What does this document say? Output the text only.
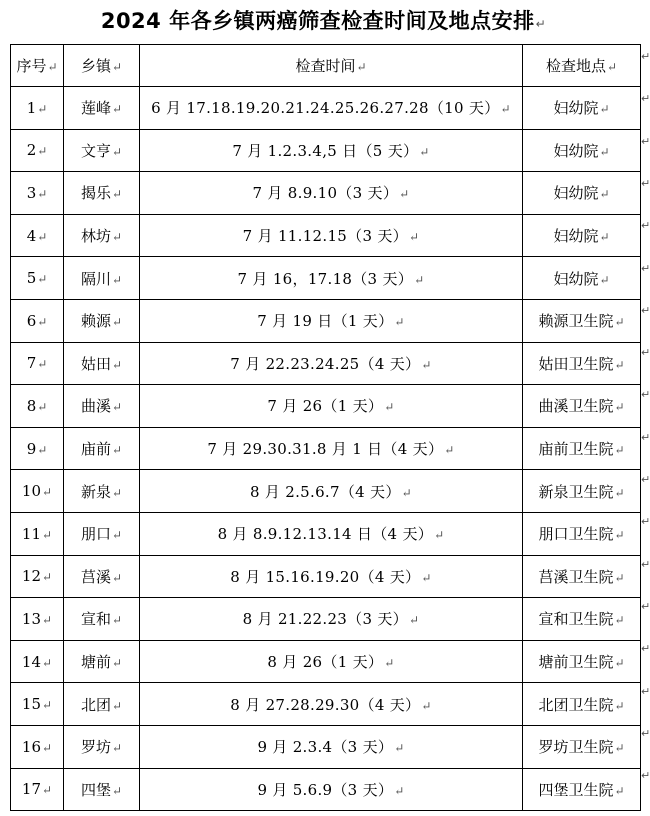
2024 年各乡镇两癌筛查检查时间及地点安排↵
序号↵	乡镇↵	检查时间↵	检查地点↵
1↵	莲峰↵	6 月 17.18.19.20.21.24.25.26.27.28（10 天）↵	妇幼院↵
2↵	文亨↵	7 月 1.2.3.4,5 日（5 天）↵	妇幼院↵
3↵	揭乐↵	7 月 8.9.10（3 天）↵	妇幼院↵
4↵	林坊↵	7 月 11.12.15（3 天）↵	妇幼院↵
5↵	隔川↵	7 月 16，17.18（3 天）↵	妇幼院↵
6↵	赖源↵	7 月 19 日（1 天）↵	赖源卫生院↵
7↵	姑田↵	7 月 22.23.24.25（4 天）↵	姑田卫生院↵
8↵	曲溪↵	7 月 26（1 天）↵	曲溪卫生院↵
9↵	庙前↵	7 月 29.30.31.8 月 1 日（4 天）↵	庙前卫生院↵
10↵	新泉↵	8 月 2.5.6.7（4 天）↵	新泉卫生院↵
11↵	朋口↵	8 月 8.9.12.13.14 日（4 天）↵	朋口卫生院↵
12↵	莒溪↵	8 月 15.16.19.20（4 天）↵	莒溪卫生院↵
13↵	宣和↵	8 月 21.22.23（3 天）↵	宣和卫生院↵
14↵	塘前↵	8 月 26（1 天）↵	塘前卫生院↵
15↵	北团↵	8 月 27.28.29.30（4 天）↵	北团卫生院↵
16↵	罗坊↵	9 月 2.3.4（3 天）↵	罗坊卫生院↵
17↵	四堡↵	9 月 5.6.9（3 天）↵	四堡卫生院↵
↵
↵
↵
↵
↵
↵
↵
↵
↵
↵
↵
↵
↵
↵
↵
↵
↵
↵
